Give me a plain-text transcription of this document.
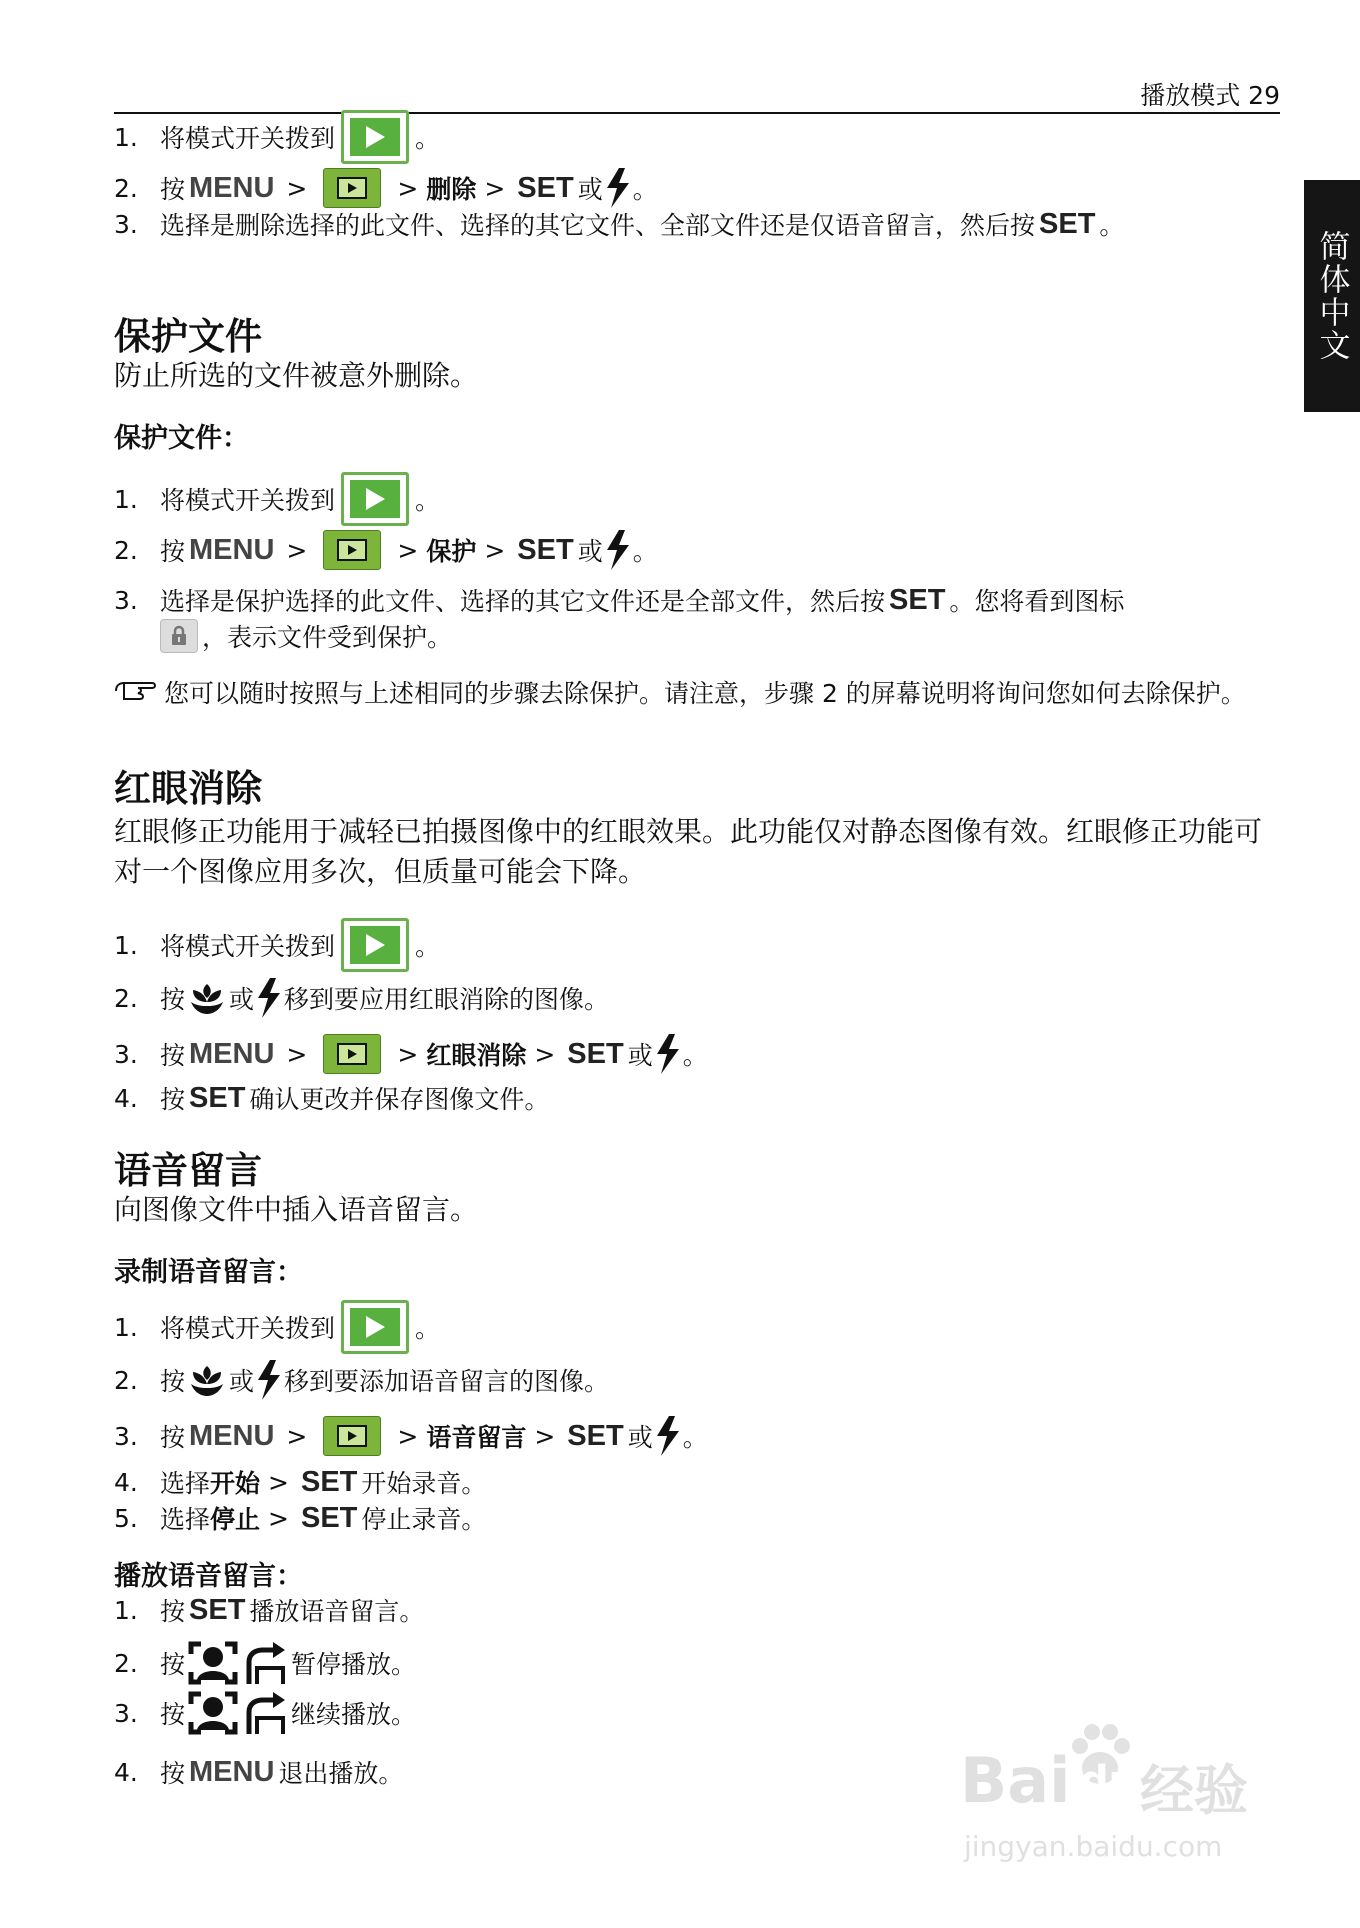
播放模式 29
简体中文
1. 将模式开关拨到	。
2. 按 MENU >	> 删除 > SET 或 。
3. 选择是删除选择的此文件、选择的其它文件、全部文件还是仅语音留言，然后按 SET 。
保护文件
防止所选的文件被意外删除。
保护文件：
1. 将模式开关拨到	。
2. 按 MENU >	> 保护 > SET 或 。
3. 选择是保护选择的此文件、选择的其它文件还是全部文件，然后按 SET 。您将看到图标
，表示文件受到保护。
您可以随时按照与上述相同的步骤去除保护。请注意，步骤 2 的屏幕说明将询问您如何去除保护。
红眼消除
红眼修正功能用于减轻已拍摄图像中的红眼效果。此功能仅对静态图像有效。红眼修正功能可对一个图像应用多次，但质量可能会下降。
1. 将模式开关拨到	。
2. 按 或 移到要应用红眼消除的图像。
3. 按 MENU >	> 红眼消除 > SET 或 。
4. 按 SET 确认更改并保存图像文件。
语音留言
向图像文件中插入语音留言。
录制语音留言：
1. 将模式开关拨到	。
2. 按 或 移到要添加语音留言的图像。
3. 按 MENU >	> 语音留言 > SET 或 。
4. 选择 开始 > SET 开始录音。
5. 选择 停止 > SET 停止录音。
播放语音留言：
1. 按 SET 播放语音留言。
2. 按	暂停播放。
3. 按	继续播放。
4. 按 MENU 退出播放。	Bai du 经验
jingyan.baidu.com
